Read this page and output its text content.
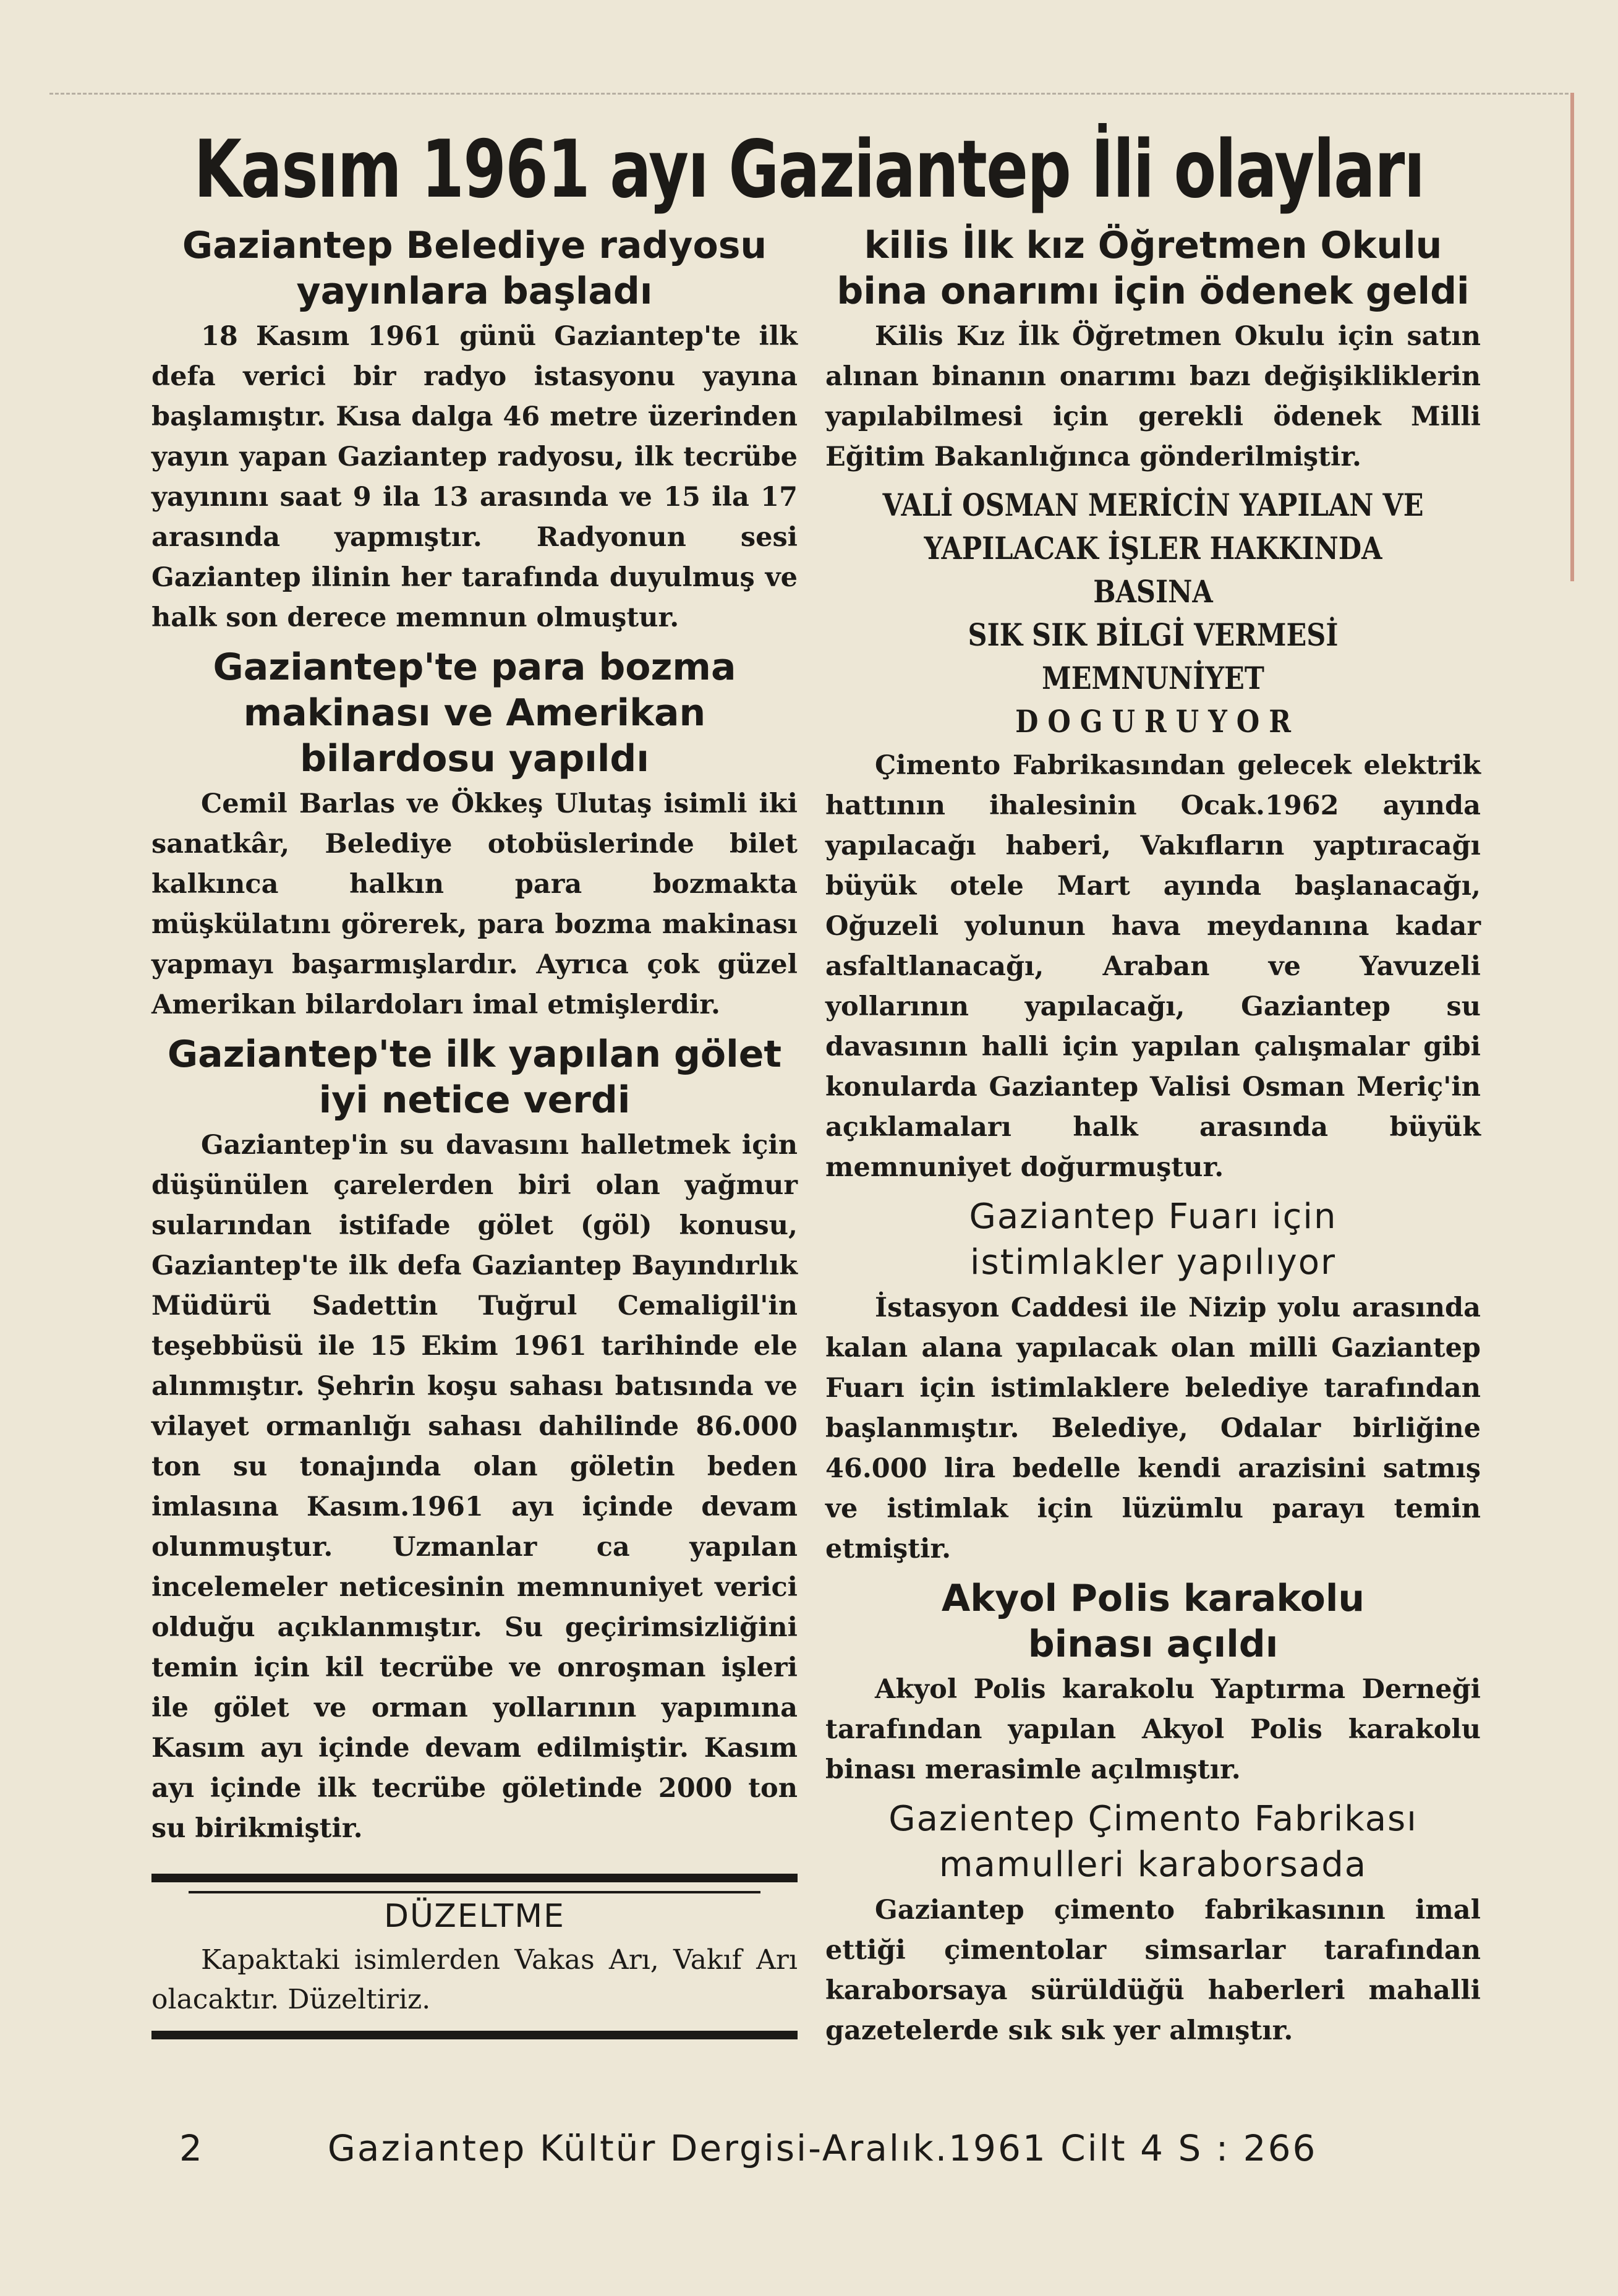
Kasım 1961 ayı Gaziantep İli olayları

Gaziantep Belediye radyosu
yayınlara başladı

18 Kasım 1961 günü Gaziantep'te ilk defa verici bir radyo istasyonu yayına başlamıştır. Kısa dalga 46 metre üzerinden yayın yapan Gaziantep radyosu, ilk tecrübe yayınını saat 9 ila 13 arasında ve 15 ila 17 arasında yapmıştır. Radyonun sesi Gaziantep ilinin her tarafında duyulmuş ve halk son derece memnun olmuştur.

Gaziantep'te para bozma
makinası ve Amerikan
bilardosu yapıldı

Cemil Barlas ve Ökkeş Ulutaş isimli iki sanatkâr, Belediye otobüslerinde bilet kalkınca halkın para bozmakta müşkülatını görerek, para bozma makinası yapmayı başarmışlardır. Ayrıca çok güzel Amerikan bilardoları imal etmişlerdir.

Gaziantep'te ilk yapılan gölet
iyi netice verdi

Gaziantep'in su davasını halletmek için düşünülen çarelerden biri olan yağmur sularından istifade gölet (göl) konusu, Gaziantep'te ilk defa Gaziantep Bayındırlık Müdürü Sadettin Tuğrul Cemaligil'in teşebbüsü ile 15 Ekim 1961 tarihinde ele alınmıştır. Şehrin koşu sahası batısında ve vilayet ormanlığı sahası dahilinde 86.000 ton su tonajında olan göletin beden imlasına Kasım.1961 ayı içinde devam olunmuştur. Uzmanlar ca yapılan incelemeler neticesinin memnuniyet verici olduğu açıklanmıştır. Su geçirimsizliğini temin için kil tecrübe ve onroşman işleri ile gölet ve orman yollarının yapımına Kasım ayı içinde devam edilmiştir. Kasım ayı içinde ilk tecrübe göletinde 2000 ton su birikmiştir.

DÜZELTME

Kapaktaki isimlerden Vakas Arı, Vakıf Arı olacaktır. Düzeltiriz.

kilis İlk kız Öğretmen Okulu
bina onarımı için ödenek geldi

Kilis Kız İlk Öğretmen Okulu için satın alınan binanın onarımı bazı değişikliklerin yapılabilmesi için gerekli ödenek Milli Eğitim Bakanlığınca gönderilmiştir.

VALİ OSMAN MERİCİN YAPILAN VE
YAPILACAK İŞLER HAKKINDA BASINA
SIK SIK BİLGİ VERMESİ MEMNUNİYET
D O G U R U Y O R

Çimento Fabrikasından gelecek elektrik hattının ihalesinin Ocak.1962 ayında yapılacağı haberi, Vakıfların yaptıracağı büyük otele Mart ayında başlanacağı, Oğuzeli yolunun hava meydanına kadar asfaltlanacağı, Araban ve Yavuzeli yollarının yapılacağı, Gaziantep su davasının halli için yapılan çalışmalar gibi konularda Gaziantep Valisi Osman Meriç'in açıklamaları halk arasında büyük memnuniyet doğurmuştur.

Gaziantep Fuarı için
istimlakler yapılıyor

İstasyon Caddesi ile Nizip yolu arasında kalan alana yapılacak olan milli Gaziantep Fuarı için istimlaklere belediye tarafından başlanmıştır. Belediye, Odalar birliğine 46.000 lira bedelle kendi arazisini satmış ve istimlak için lüzümlu parayı temin etmiştir.

Akyol Polis karakolu
binası açıldı

Akyol Polis karakolu Yaptırma Derneği tarafından yapılan Akyol Polis karakolu binası merasimle açılmıştır.

Gazientep Çimento Fabrikası
mamulleri karaborsada

Gaziantep çimento fabrikasının imal ettiği çimentolar simsarlar tarafından karaborsaya sürüldüğü haberleri mahalli gazetelerde sık sık yer almıştır.

2	Gaziantep Kültür Dergisi-Aralık.1961 Cilt 4 S : 266
